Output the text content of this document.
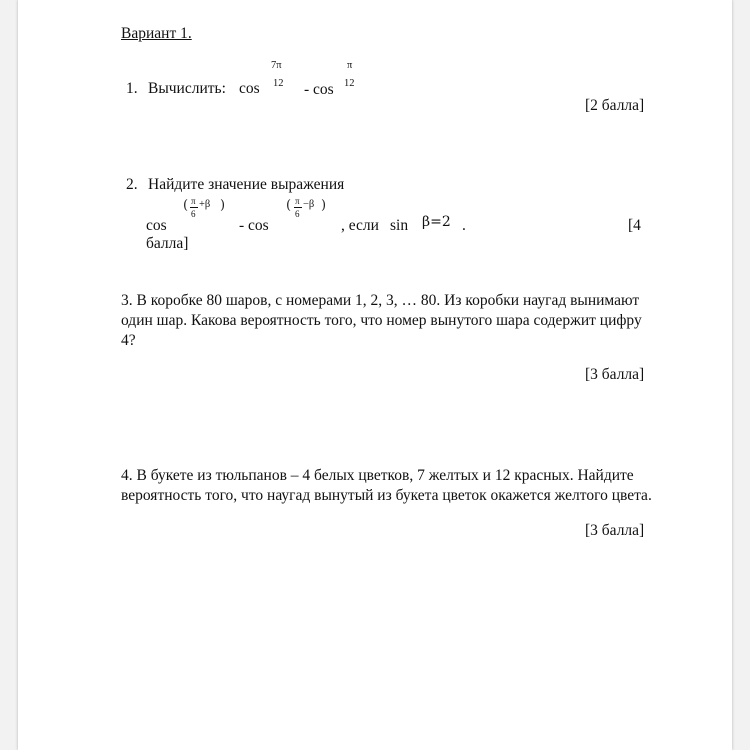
Вариант 1.
1. Вычислить: cos
7π
12 - cos
π
12
[2 балла]
2. Найдите значение выражения
cos
( π
6
+β )
- cos
( π
6
−β )
, если sin β=2 .	[4
балла]
3. В коробке 80 шаров, с номерами 1, 2, 3, … 80. Из коробки наугад вынимают один шар. Какова вероятность того, что номер вынутого шара содержит цифру 4?
[3 балла]
4. В букете из тюльпанов – 4 белых цветков, 7 желтых и 12 красных. Найдите вероятность того, что наугад вынутый из букета цветок окажется желтого цвета.
[3 балла]
